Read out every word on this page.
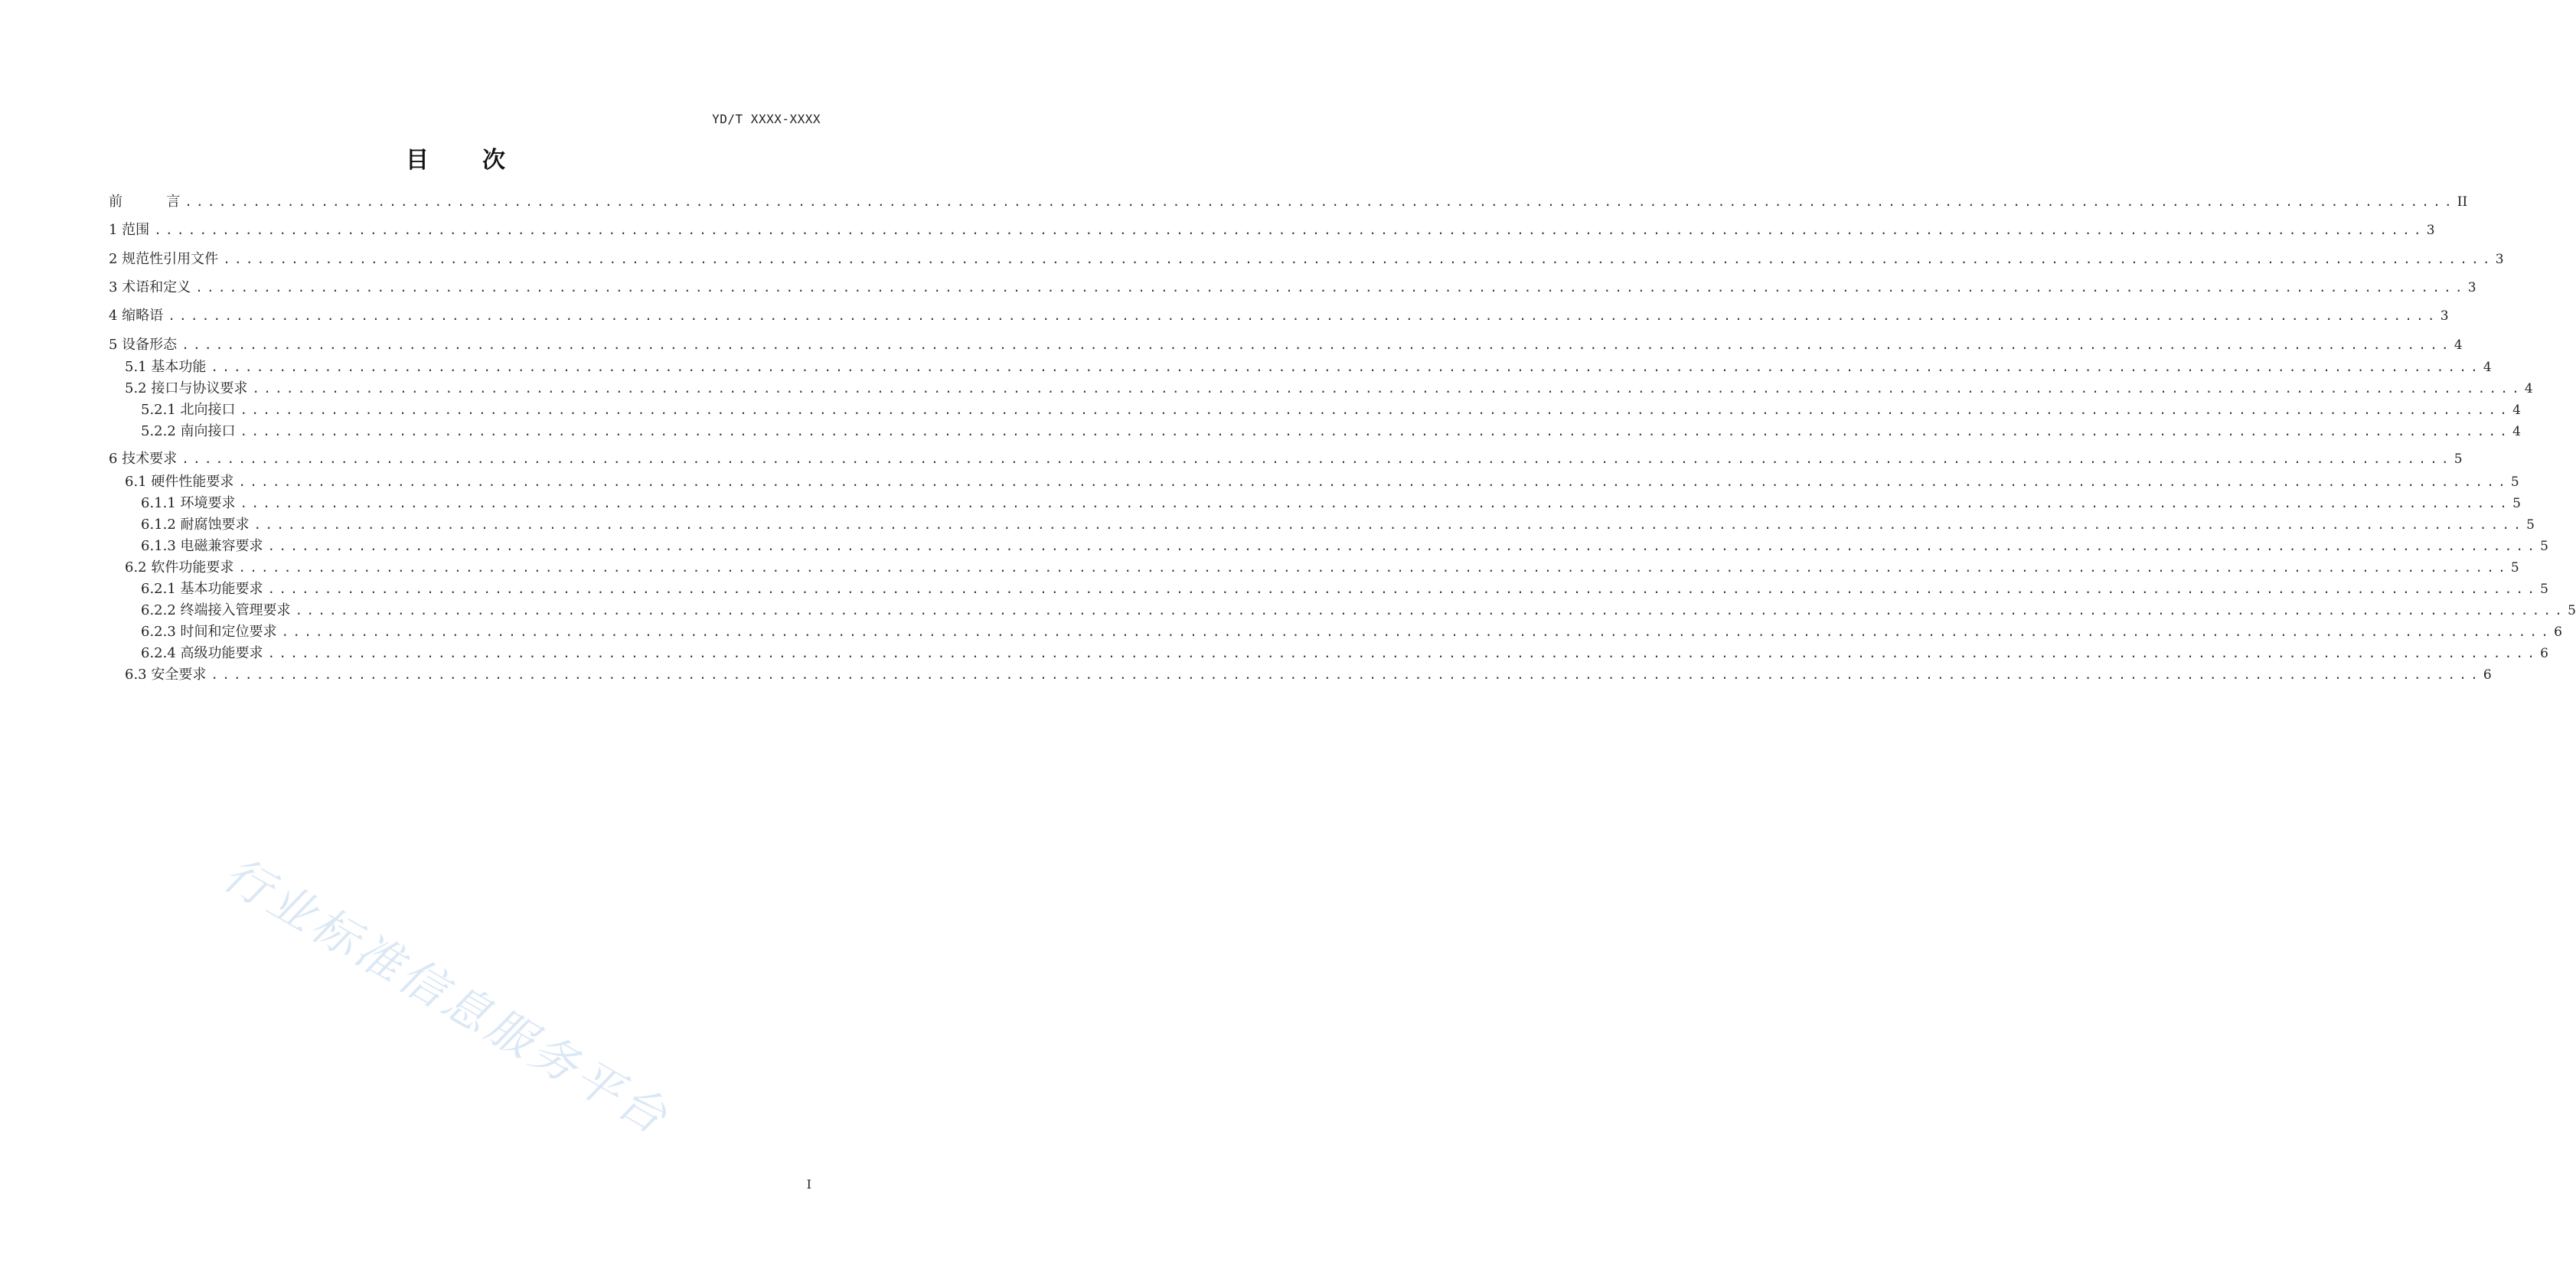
YD/T XXXX-XXXX
目 次
前          言 ........................................................................................................................................................................................................ II
1 范围 ........................................................................................................................................................................................................ 3
2 规范性引用文件 ........................................................................................................................................................................................................ 3
3 术语和定义 ........................................................................................................................................................................................................ 3
4 缩略语 ........................................................................................................................................................................................................ 3
5 设备形态 ........................................................................................................................................................................................................ 4
5.1 基本功能 ........................................................................................................................................................................................................ 4
5.2 接口与协议要求 ........................................................................................................................................................................................................ 4
5.2.1 北向接口 ........................................................................................................................................................................................................ 4
5.2.2 南向接口 ........................................................................................................................................................................................................ 4
6 技术要求 ........................................................................................................................................................................................................ 5
6.1 硬件性能要求 ........................................................................................................................................................................................................ 5
6.1.1 环境要求 ........................................................................................................................................................................................................ 5
6.1.2 耐腐蚀要求 ........................................................................................................................................................................................................ 5
6.1.3 电磁兼容要求 ........................................................................................................................................................................................................ 5
6.2 软件功能要求 ........................................................................................................................................................................................................ 5
6.2.1 基本功能要求 ........................................................................................................................................................................................................ 5
6.2.2 终端接入管理要求 ........................................................................................................................................................................................................ 5
6.2.3 时间和定位要求 ........................................................................................................................................................................................................ 6
6.2.4 高级功能要求 ........................................................................................................................................................................................................ 6
6.3 安全要求 ........................................................................................................................................................................................................ 6
行业标准信息服务平台
I
